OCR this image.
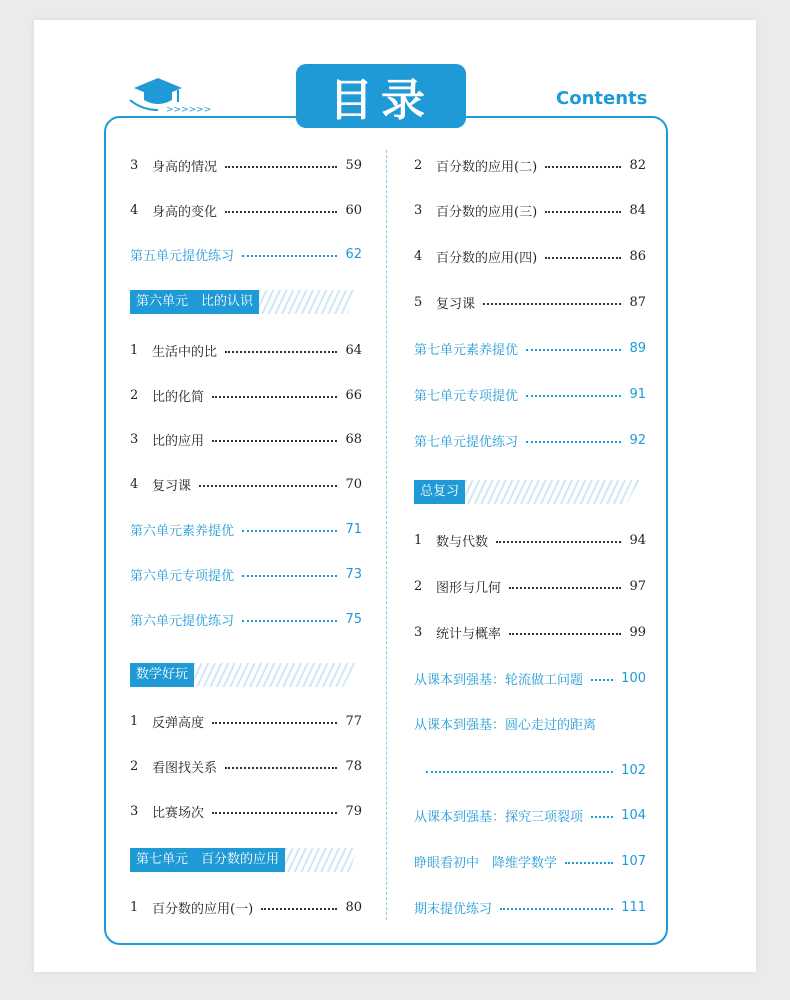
>>>>>>	目录	Contents
3	身高的情况	59
4	身高的变化	60
第五单元提优练习	62
第六单元　比的认识
1	生活中的比	64
2	比的化简	66
3	比的应用	68
4	复习课	70
第六单元素养提优	71
第六单元专项提优	73
第六单元提优练习	75
数学好玩
1	反弹高度	77
2	看图找关系	78
3	比赛场次	79
第七单元　百分数的应用
1	百分数的应用(一)	80
2	百分数的应用(二)	82
3	百分数的应用(三)	84
4	百分数的应用(四)	86
5	复习课	87
第七单元素养提优	89
第七单元专项提优	91
第七单元提优练习	92
总复习
1	数与代数	94
2	图形与几何	97
3	统计与概率	99
从课本到强基：轮流做工问题	100
从课本到强基：圆心走过的距离
102
从课本到强基：探究三项裂项	104
睁眼看初中　降维学数学	107
期末提优练习	111
